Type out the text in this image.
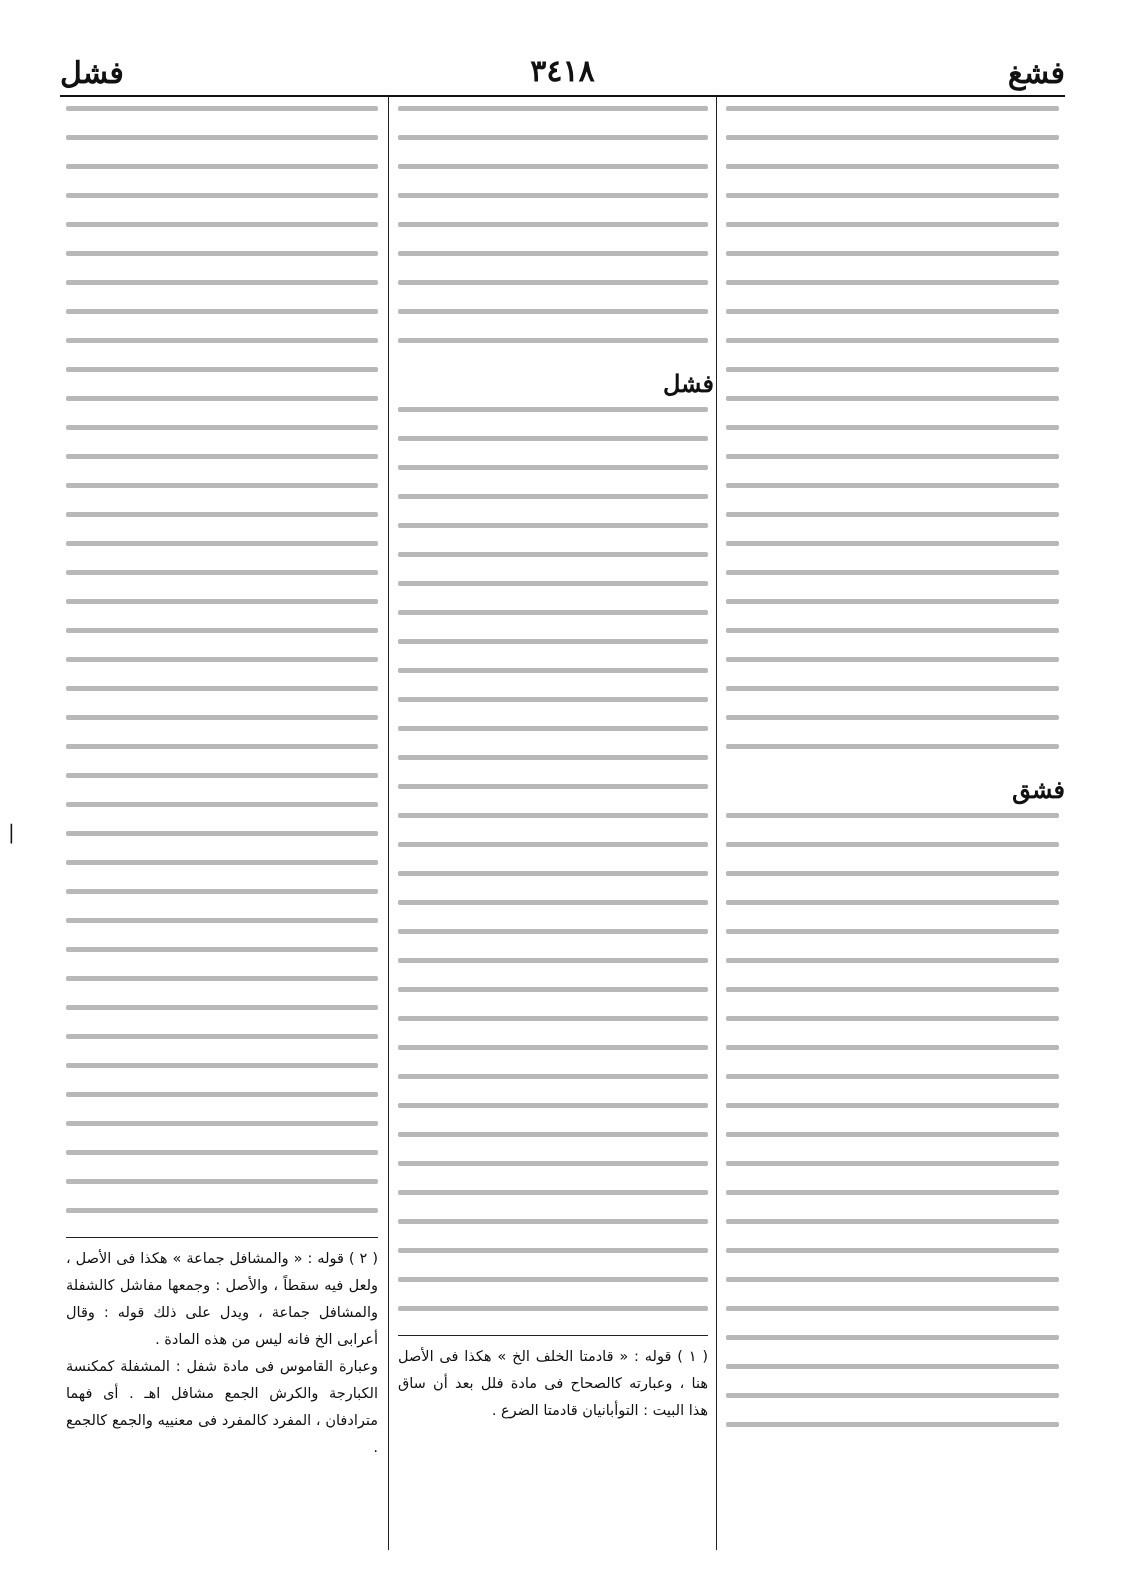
فشغ
٣٤١٨
فشل
|
فشق
فشل
( ١ ) قوله : « قادمتا الخلف الخ » هكذا فى الأصل هنا ، وعبارته كالصحاح فى مادة فلل بعد أن ساق هذا البيت : التوأبانيان قادمتا الضرع .
( ٢ ) قوله : « والمشافل جماعة » هكذا فى الأصل ، ولعل فيه سقطاً ، والأصل : وجمعها مفاشل كالشفلة والمشافل جماعة ، ويدل على ذلك قوله : وقال أعرابى الخ فانه ليس من هذه المادة .
وعبارة القاموس فى مادة شفل : المشفلة كمكنسة الكبارجة والكرش الجمع مشافل اهـ . أى فهما مترادفان ، المفرد كالمفرد فى معنييه والجمع كالجمع .
